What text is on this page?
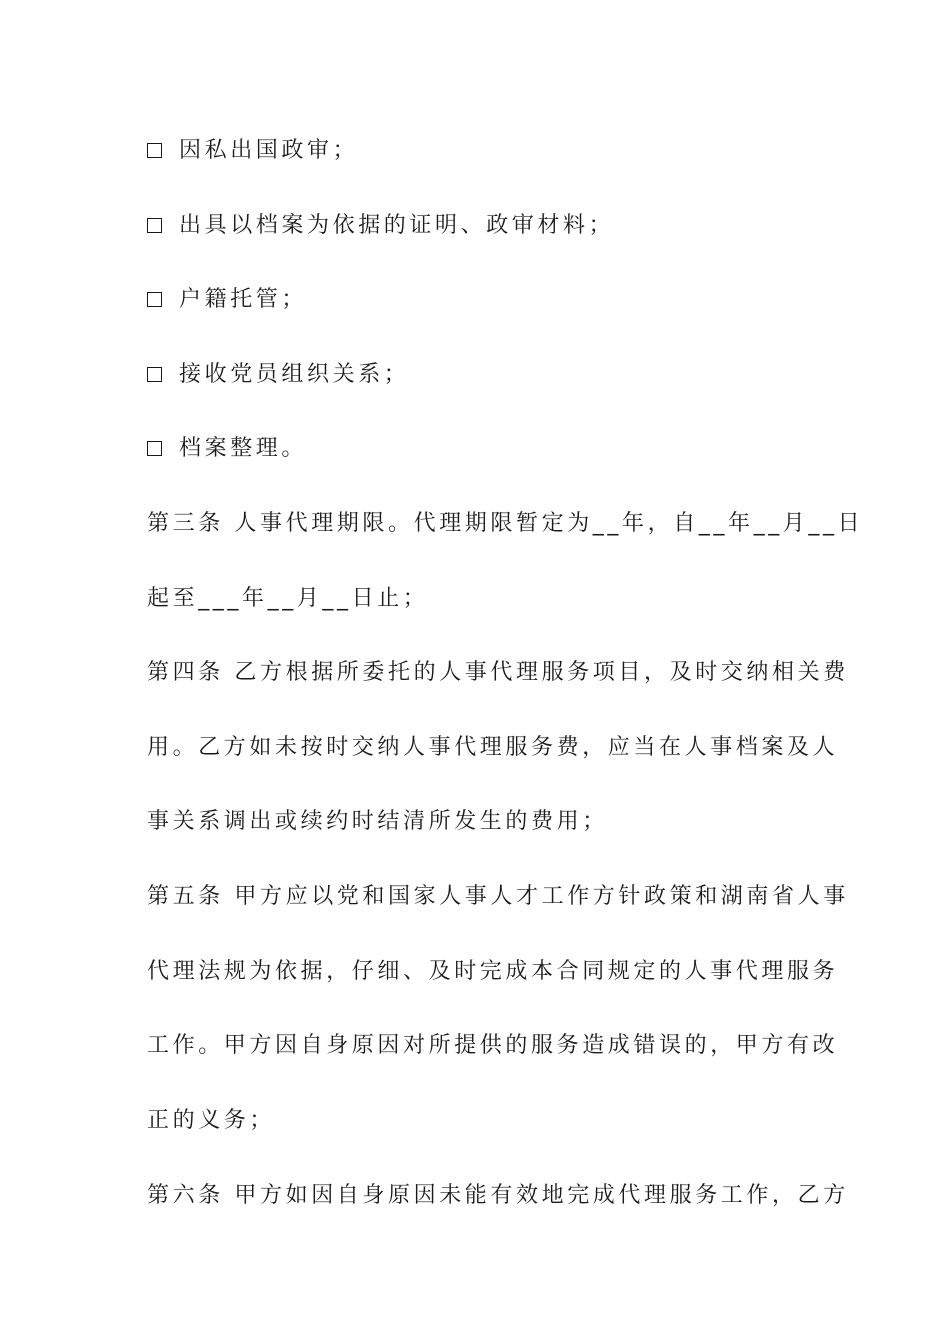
因私出国政审；
出具以档案为依据的证明、政审材料；
户籍托管；
接收党员组织关系；
档案整理。
第三条 人事代理期限。代理期限暂定为__年，自__年__月__日
起至___年__月__日止；
第四条 乙方根据所委托的人事代理服务项目，及时交纳相关费
用。乙方如未按时交纳人事代理服务费，应当在人事档案及人
事关系调出或续约时结清所发生的费用；
第五条 甲方应以党和国家人事人才工作方针政策和湖南省人事
代理法规为依据，仔细、及时完成本合同规定的人事代理服务
工作。甲方因自身原因对所提供的服务造成错误的，甲方有改
正的义务；
第六条 甲方如因自身原因未能有效地完成代理服务工作，乙方
